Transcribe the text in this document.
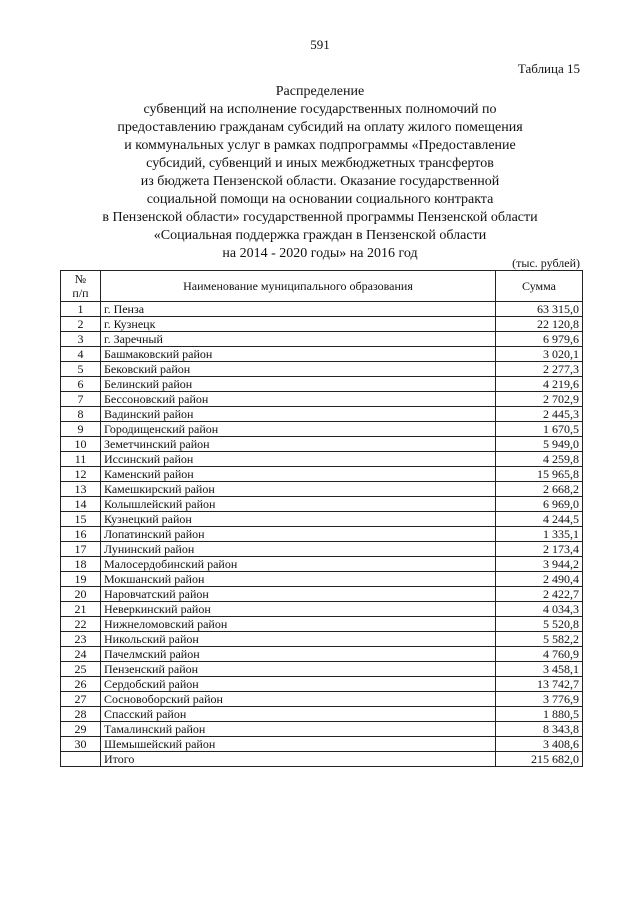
591
Таблица 15
Распределение
субвенций на исполнение государственных полномочий по
предоставлению гражданам субсидий на оплату жилого помещения
и коммунальных услуг в рамках подпрограммы «Предоставление
субсидий, субвенций и иных межбюджетных трансфертов
из бюджета Пензенской области. Оказание государственной
социальной помощи на основании социального контракта
в Пензенской области» государственной программы Пензенской области
«Социальная поддержка граждан в Пензенской области
на 2014 - 2020 годы» на 2016 год
(тыс. рублей)
№
п/п	Наименование муниципального образования	Сумма
1	г. Пенза	63 315,0
2	г. Кузнецк	22 120,8
3	г. Заречный	6 979,6
4	Башмаковский район	3 020,1
5	Бековский район	2 277,3
6	Белинский район	4 219,6
7	Бессоновский район	2 702,9
8	Вадинский район	2 445,3
9	Городищенский район	1 670,5
10	Земетчинский район	5 949,0
11	Иссинский район	4 259,8
12	Каменский район	15 965,8
13	Камешкирский район	2 668,2
14	Колышлейский район	6 969,0
15	Кузнецкий район	4 244,5
16	Лопатинский район	1 335,1
17	Лунинский район	2 173,4
18	Малосердобинский район	3 944,2
19	Мокшанский район	2 490,4
20	Наровчатский район	2 422,7
21	Неверкинский район	4 034,3
22	Нижнеломовский район	5 520,8
23	Никольский район	5 582,2
24	Пачелмский район	4 760,9
25	Пензенский район	3 458,1
26	Сердобский район	13 742,7
27	Сосновоборский район	3 776,9
28	Спасский район	1 880,5
29	Тамалинский район	8 343,8
30	Шемышейский район	3 408,6
	Итого	215 682,0
